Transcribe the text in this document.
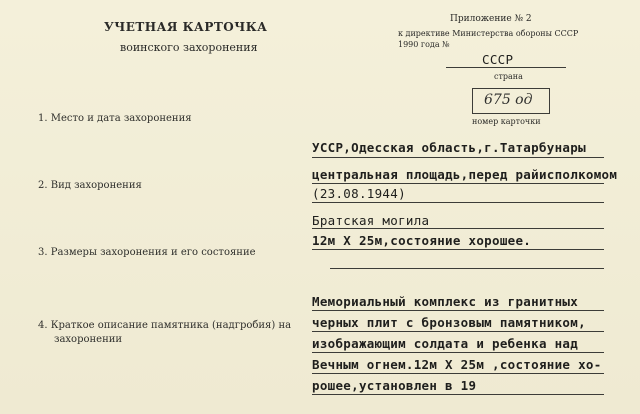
УЧЕТНАЯ КАРТОЧКА
воинского захоронения
Приложение № 2
к директиве Министерства обороны СССР
1990 года №
СССР
страна
675 од
номер карточки
1. Место и дата захоронения
УССР,Одесская область,г.Татарбунары
2. Вид захоронения
центральная площадь,перед райисполкомом
(23.08.1944)
3. Размеры захоронения и его состояние
Братская могила
12м Х 25м,состояние хорошее.
4. Краткое описание памятника (надгробия) на
захоронении
Мемориальный комплекс из гранитных
черных плит с бронзовым памятником,
изображающим солдата и ребенка над
Вечным огнем.12м Х 25м ,состояние хо-
рошее,установлен в 19
